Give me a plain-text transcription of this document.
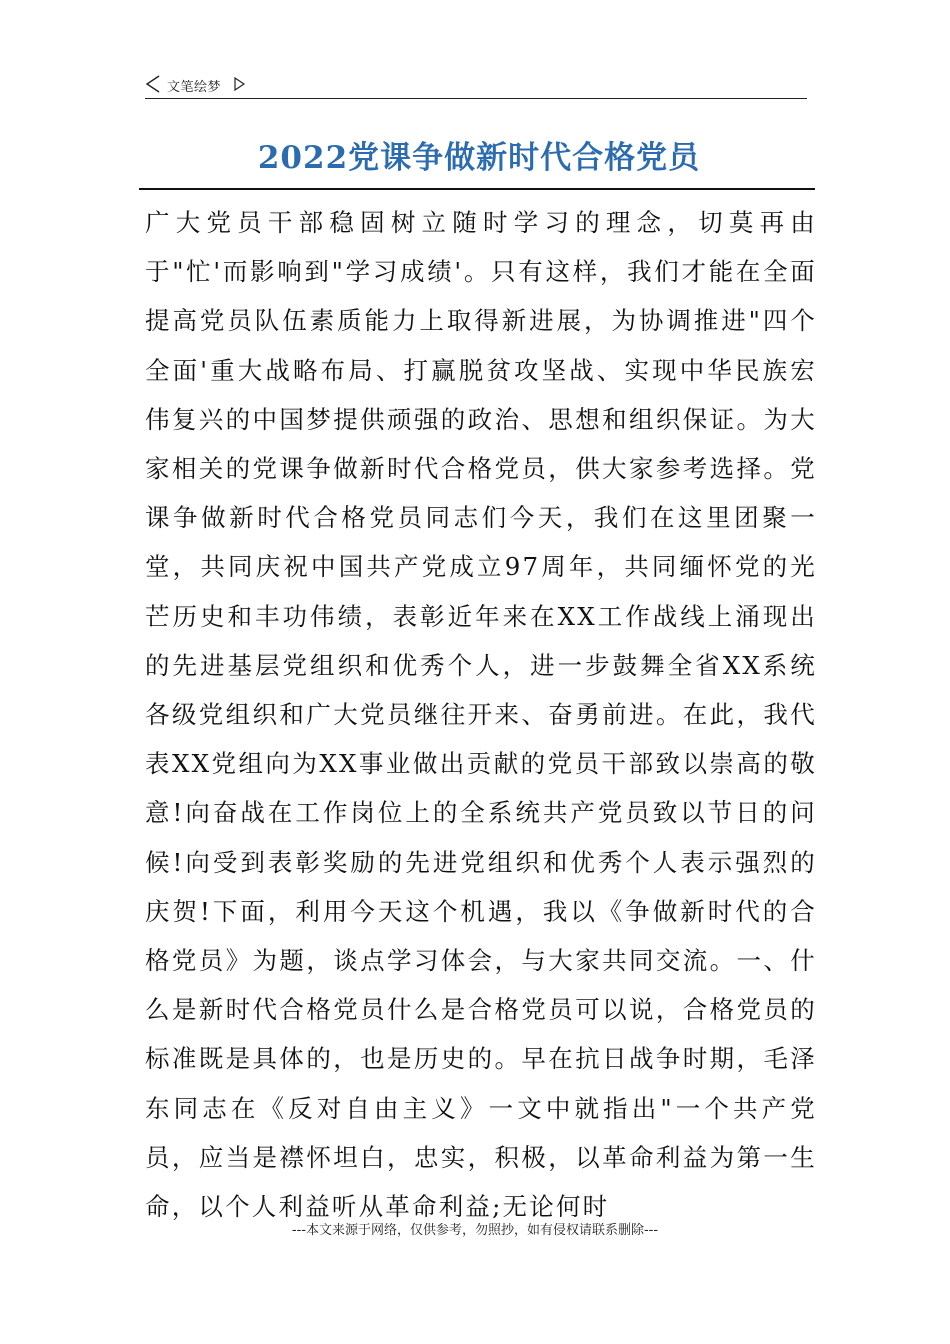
文笔绘梦
2022党课争做新时代合格党员

广大党员干部稳固树立随时学习的理念，切莫再由于"忙'而影响到"学习成绩'。只有这样，我们才能在全面提高党员队伍素质能力上取得新进展，为协调推进"四个全面'重大战略布局、打赢脱贫攻坚战、实现中华民族宏伟复兴的中国梦提供顽强的政治、思想和组织保证。为大家相关的党课争做新时代合格党员，供大家参考选择。党课争做新时代合格党员同志们今天，我们在这里团聚一堂，共同庆祝中国共产党成立97周年，共同缅怀党的光芒历史和丰功伟绩，表彰近年来在XX工作战线上涌现出的先进基层党组织和优秀个人，进一步鼓舞全省XX系统各级党组织和广大党员继往开来、奋勇前进。在此，我代表XX党组向为XX事业做出贡献的党员干部致以崇高的敬意!向奋战在工作岗位上的全系统共产党员致以节日的问候!向受到表彰奖励的先进党组织和优秀个人表示强烈的庆贺!下面，利用今天这个机遇，我以《争做新时代的合格党员》为题，谈点学习体会，与大家共同交流。一、什么是新时代合格党员什么是合格党员可以说，合格党员的标准既是具体的，也是历史的。早在抗日战争时期，毛泽东同志在《反对自由主义》一文中就指出"一个共产党员，应当是襟怀坦白，忠实，积极，以革命利益为第一生命，以个人利益听从革命利益;无论何时

---本文来源于网络，仅供参考，勿照抄，如有侵权请联系删除---
